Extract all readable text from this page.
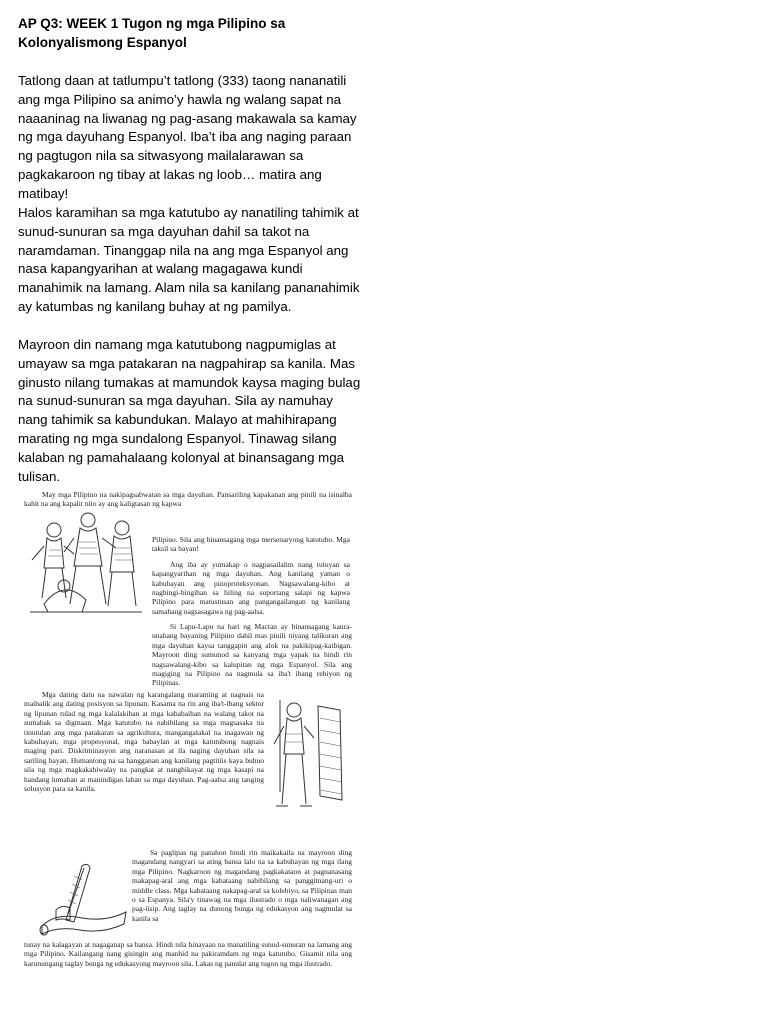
AP Q3: WEEK 1 Tugon ng mga Pilipino sa Kolonyalismong Espanyol

Tatlong daan at tatlumpu’t tatlong (333) taong nananatili ang mga Pilipino sa animo’y hawla ng walang sapat na naaaninag na liwanag ng pag-asang makawala sa kamay ng mga dayuhang Espanyol. Iba’t iba ang naging paraan ng pagtugon nila sa sitwasyong mailalarawan sa pagkakaroon ng tibay at lakas ng loob… matira ang matibay!

Halos karamihan sa mga katutubo ay nanatiling tahimik at sunud-sunuran sa mga dayuhan dahil sa takot na naramdaman. Tinanggap nila na ang mga Espanyol ang nasa kapangyarihan at walang magagawa kundi manahimik na lamang. Alam nila sa kanilang pananahimik ay katumbas ng kanilang buhay at ng pamilya.

Mayroon din namang mga katutubong nagpumiglas at umayaw sa mga patakaran na nagpahirap sa kanila. Mas ginusto nilang tumakas at mamundok kaysa maging bulag na sunud-sunuran sa mga dayuhan. Sila ay namuhay nang tahimik sa kabundukan. Malayo at mahihirapang marating ng mga sundalong Espanyol. Tinawag silang kalaban ng pamahalaang kolonyal at binansagang mga tulisan.

May mga Pilipino na nakipagsabwatan sa mga dayuhan. Pansariling kapakanan ang pinili na isinalba kahit na ang kapalit nito ay ang kaligtasan ng kapwa

Pilipino. Sila ang binansagang mga mersenaryong katutubo. Mga taksil sa bayan!

Ang iba ay yumakap o nagpasailalim nang tuluyan sa kapangyarihan ng mga dayuhan. Ang kanilang yaman o kabuhayan ang pinoproteksyonan. Nagsawalang-kibo at naghingi-bingihan sa hiling na suportang salapi ng kapwa Pilipino para matustusan ang pangangailangan ng kanilang samahang nagsasagawa ng pag-aalsa.

Si Lapu-Lapu na hari ng Mactan ay binansagang kaura-unahang bayaning Pilipino dahil mas pinili niyang talikuran ang mga dayuhan kaysa tanggapin ang alok na pakikipag-kaibigan. Mayroon ding sumunod sa kanyang mga yapak na hindi rin nagsawalang-kibo sa kalupitan ng mga Espanyol. Sila ang magiging na Pilipino na nagmula sa iba't ibang rehiyon ng Pilipinas.

Mga dating datu na nawalan ng karangalang maraming at nagnais na maibalik ang dating posisyon sa lipunan. Kasama na rin ang iba't-ibang sektor ng lipunan tulad ng mga kalalakihan at mga kababaihan na walang takot na sumabak sa digmaan. Mga katutubo na nabibilang sa mga magsasaka na tinutulan ang mga patakaran sa agrikultura, mangangalakal na inagawan ng kabuhayan, mga propesyonal, mga babaylan at mga katutubong nagnais maging pari. Diskriminasyon ang naranasan at ila naging dayuhan sila sa sariling bayan. Humantong na sa hangganan ang kanilang pagtitiis kaya buhuo sila ng mga magkakahiwalay na pangkat at nanghikayat ng mga kasapi na handang lumaban at manindigan laban sa mga dayuhan. Pag-aalsa ang tanging solusyon para sa kanila.

Sa paglipas ng panahon hindi rin maikakaila na mayroon ding magandang nangyari sa ating bansa lalo na sa kabuhayan ng mga ilang mga Pilipino. Nagkaroon ng magandang pagkakataon at pagnanasang makapag-aral ang mga kabataang nabibilang sa panggitnang-uri o middle class. Mga kabataang nakapag-aral sa kolehiyo, sa Pilipinas man o sa Espanya. Sila'y tinawag na mga ilustrado o mga naliwanagan ang pag-iisip. Ang taglay na dunong bunga ng edukasyon ang nagmulat sa kanila sa

tunay na kalagayan at nagaganap sa bansa. Hindi nila hinayaan na manatiling sunud-sunuran na lamang ang mga Pilipino. Kailangang nang gisingin ang manhid na pakiramdam ng mga katutubo. Gisamit nila ang karunungang taglay bunga ng edukasyong mayroon sila. Lakas ng panulat ang tugon ng mga ilustrado.
